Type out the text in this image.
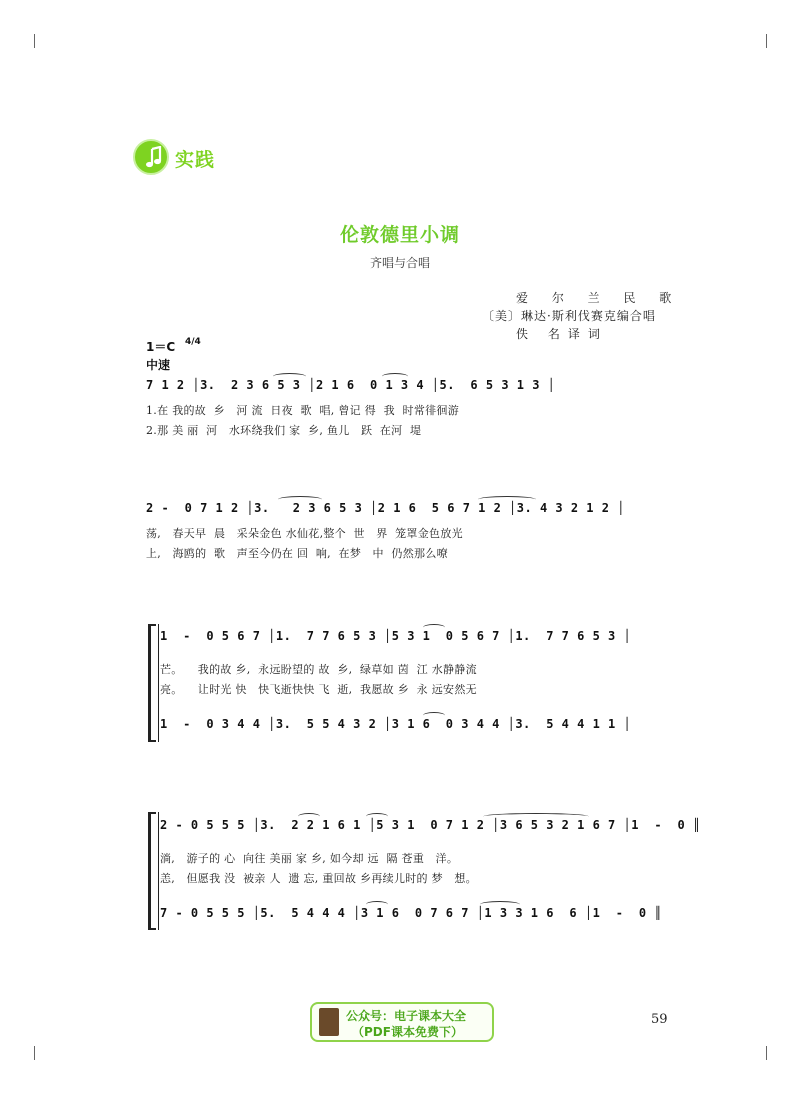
实践
伦敦德里小调
齐唱与合唱
爱 尔 兰 民 歌
〔美〕琳达·斯利伐赛克编合唱
佚 名译词
1＝C 4/4
中速
7 1 2 │3.  2 3 6 5 3 │2 1 6  0 1 3 4 │5.  6 5 3 1 3 │
1.在 我的故  乡   河 流  日夜  歌  唱, 曾记 得  我  时常徘徊游
2.那 美 丽  河   水环绕我们 家  乡, 鱼儿   跃  在河  堤
2 -  0 7 1 2 │3.   2 3 6 5 3 │2 1 6  5 6 7 1 2 │3. 4 3 2 1 2 │
荡,   春天早  晨   采朵金色 水仙花,整个  世   界  笼罩金色放光
上,   海鸥的  歌   声至今仍在 回  响,  在梦   中  仍然那么嘹
1  -  0 5 6 7 │1.  7 7 6 5 3 │5 3 1  0 5 6 7 │1.  7 7 6 5 3 │
芒。    我的故 乡,  永远盼望的 故  乡,  绿草如 茵  江 水静静流
亮。    让时光 快   快飞逝快快 飞  逝,  我愿故 乡  永 远安然无
1  -  0 3 4 4 │3.  5 5 4 3 2 │3 1 6  0 3 4 4 │3.  5 4 4 1 1 │
2 - 0 5 5 5 │3.  2 2 1 6 1 │5 3 1  0 7 1 2 │3 6 5 3 2 1 6 7 │1  -  0 ║
淌,   游子的 心  向往 美丽 家 乡, 如今却 远  隔 苍重   洋。
恙,   但愿我 没  被亲 人  遗 忘, 重回故 乡再续儿时的 梦   想。
7 - 0 5 5 5 │5.  5 4 4 4 │3 1 6  0 7 6 7 │1 3 3 1 6  6 │1  -  0 ║
59
公众号：电子课本大全
（PDF课本免费下）
